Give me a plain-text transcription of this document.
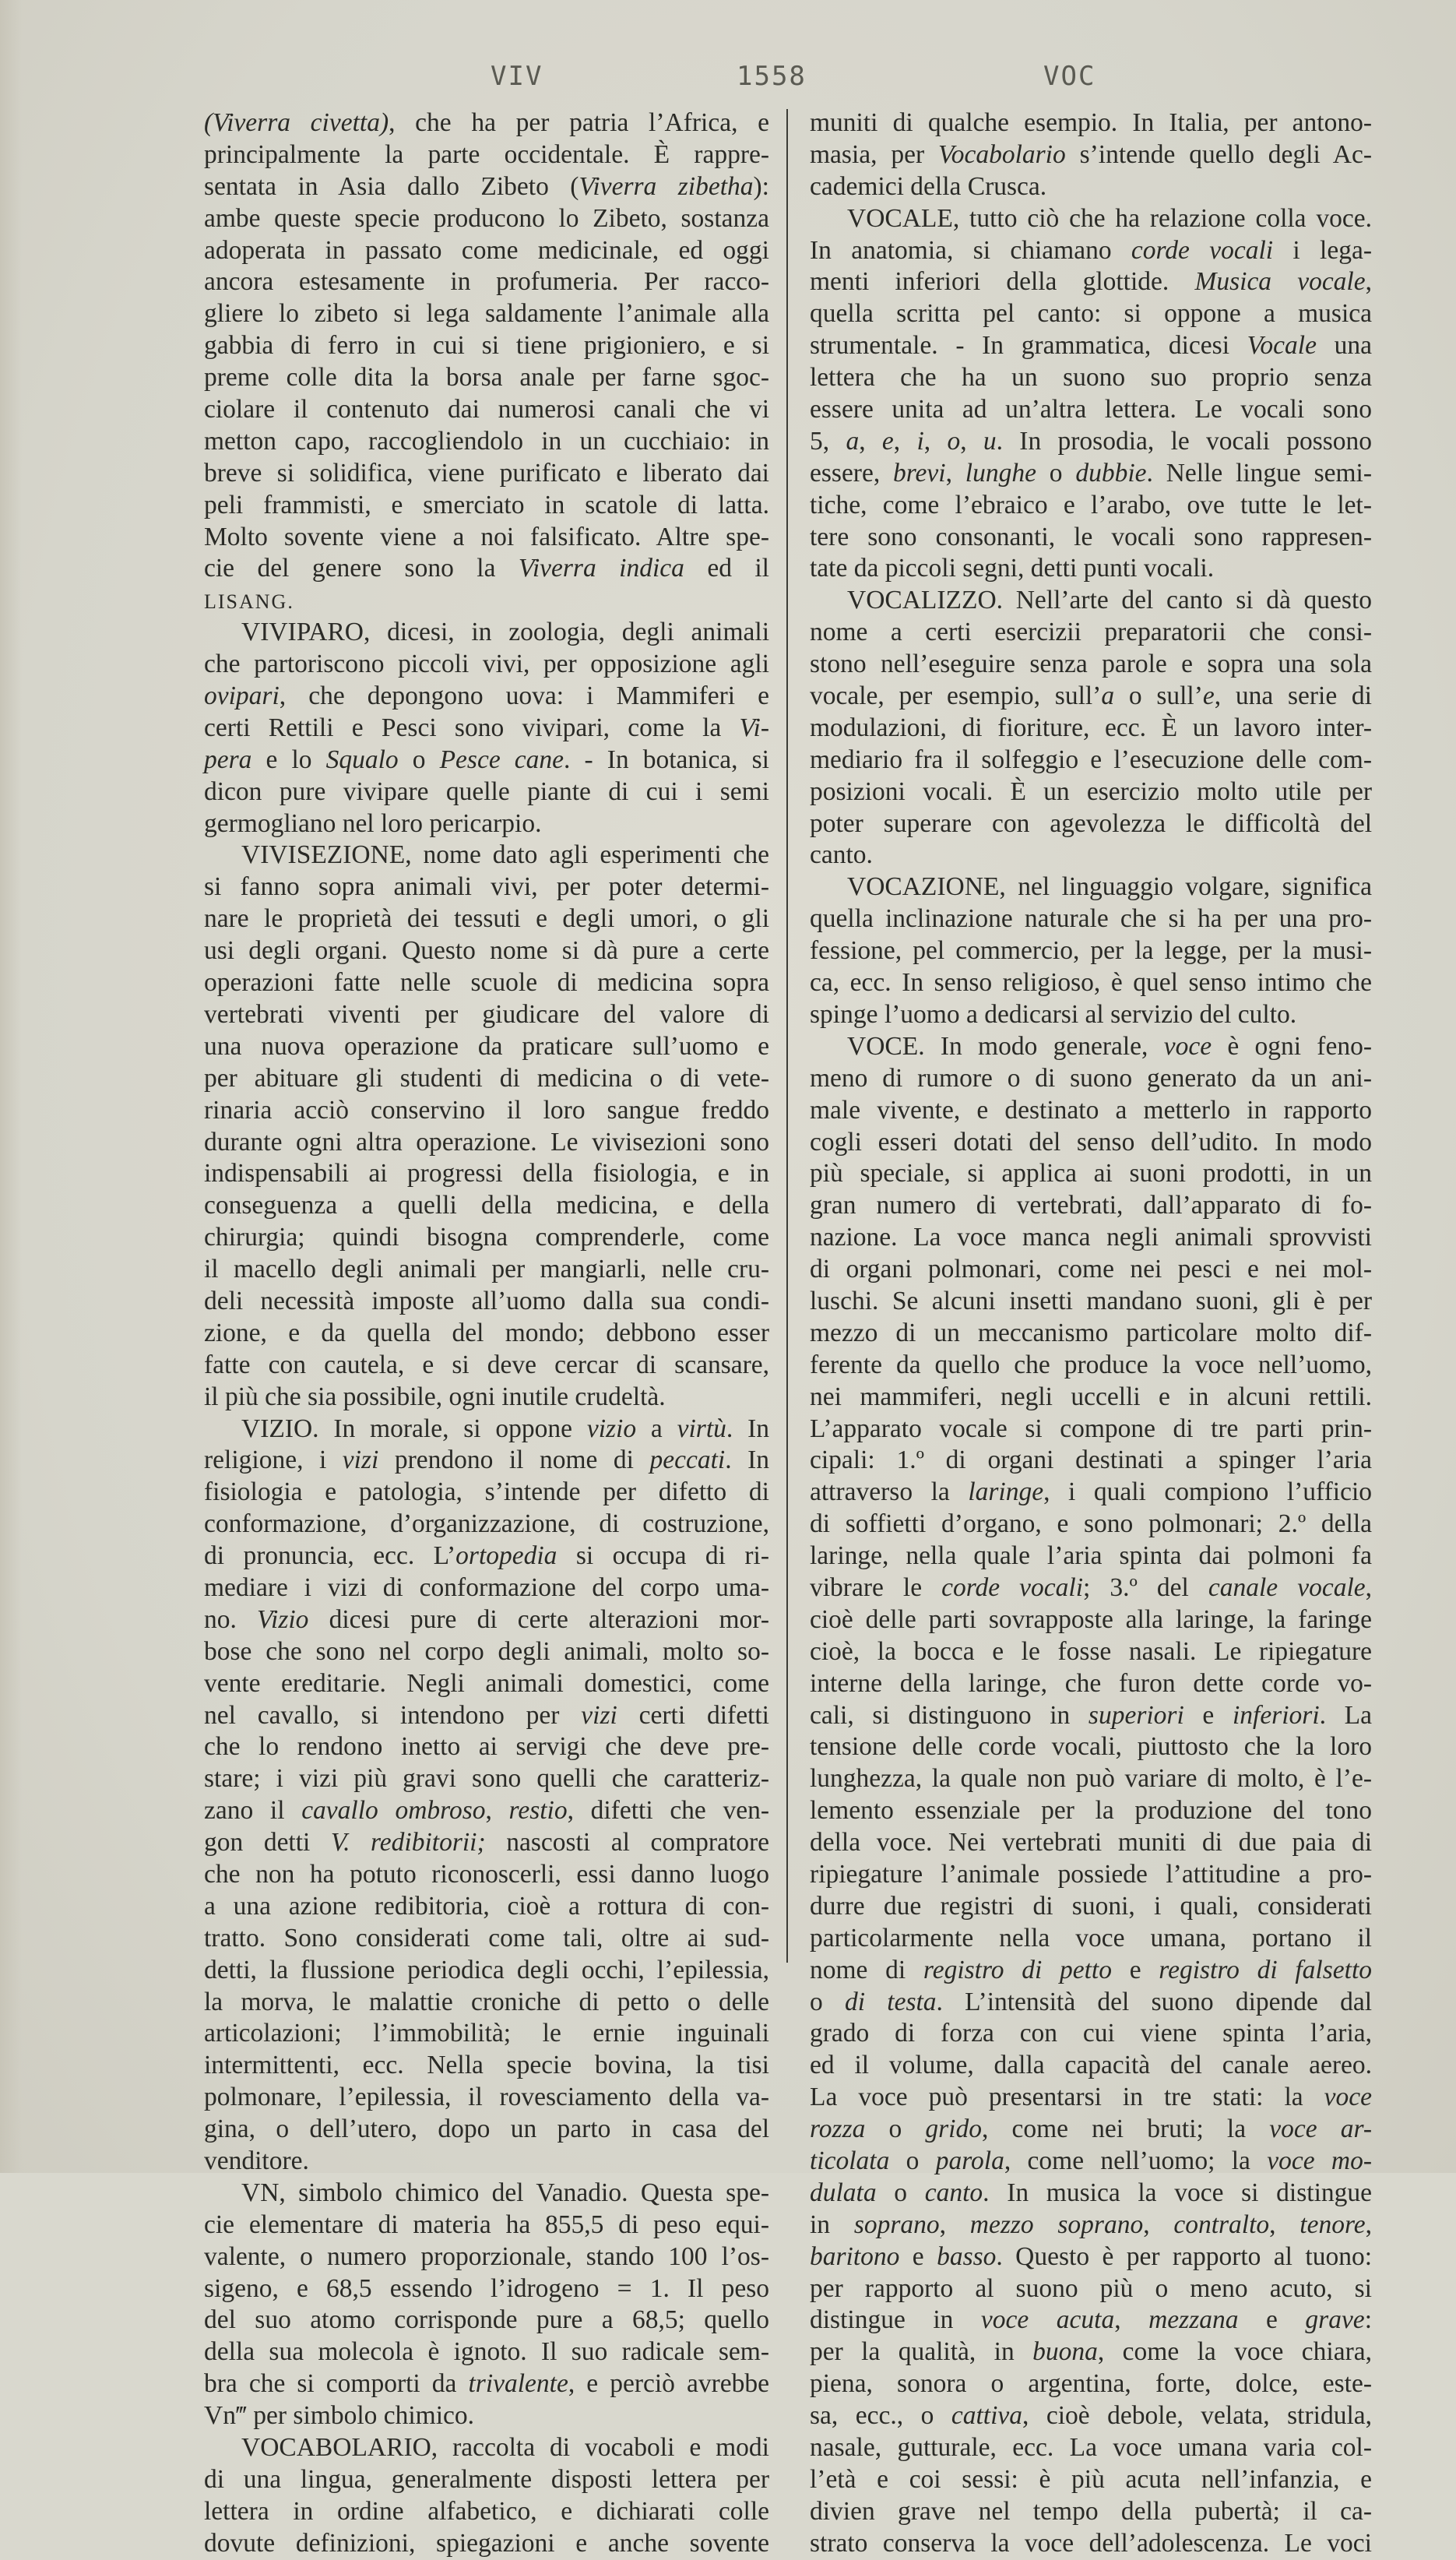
VIV	1558	VOC
(Viverra civetta), che ha per patria l’Africa, e
principalmente la parte occidentale. È rappre-
sentata in Asia dallo Zibeto (Viverra zibetha):
ambe queste specie producono lo Zibeto, sostanza
adoperata in passato come medicinale, ed oggi
ancora estesamente in profumeria. Per racco-
gliere lo zibeto si lega saldamente l’animale alla
gabbia di ferro in cui si tiene prigioniero, e si
preme colle dita la borsa anale per farne sgoc-
ciolare il contenuto dai numerosi canali che vi
metton capo, raccogliendolo in un cucchiaio: in
breve si solidifica, viene purificato e liberato dai
peli frammisti, e smerciato in scatole di latta.
Molto sovente viene a noi falsificato. Altre spe-
cie del genere sono la Viverra indica ed il
LISANG.
VIVIPARO, dicesi, in zoologia, degli animali
che partoriscono piccoli vivi, per opposizione agli
ovipari, che depongono uova: i Mammiferi e
certi Rettili e Pesci sono vivipari, come la Vi-
pera e lo Squalo o Pesce cane. - In botanica, si
dicon pure vivipare quelle piante di cui i semi
germogliano nel loro pericarpio.
VIVISEZIONE, nome dato agli esperimenti che
si fanno sopra animali vivi, per poter determi-
nare le proprietà dei tessuti e degli umori, o gli
usi degli organi. Questo nome si dà pure a certe
operazioni fatte nelle scuole di medicina sopra
vertebrati viventi per giudicare del valore di
una nuova operazione da praticare sull’uomo e
per abituare gli studenti di medicina o di vete-
rinaria acciò conservino il loro sangue freddo
durante ogni altra operazione. Le vivisezioni sono
indispensabili ai progressi della fisiologia, e in
conseguenza a quelli della medicina, e della
chirurgia; quindi bisogna comprenderle, come
il macello degli animali per mangiarli, nelle cru-
deli necessità imposte all’uomo dalla sua condi-
zione, e da quella del mondo; debbono esser
fatte con cautela, e si deve cercar di scansare,
il più che sia possibile, ogni inutile crudeltà.
VIZIO. In morale, si oppone vizio a virtù. In
religione, i vizi prendono il nome di peccati. In
fisiologia e patologia, s’intende per difetto di
conformazione, d’organizzazione, di costruzione,
di pronuncia, ecc. L’ortopedia si occupa di ri-
mediare i vizi di conformazione del corpo uma-
no. Vizio dicesi pure di certe alterazioni mor-
bose che sono nel corpo degli animali, molto so-
vente ereditarie. Negli animali domestici, come
nel cavallo, si intendono per vizi certi difetti
che lo rendono inetto ai servigi che deve pre-
stare; i vizi più gravi sono quelli che caratteriz-
zano il cavallo ombroso, restio, difetti che ven-
gon detti V. redibitorii; nascosti al compratore
che non ha potuto riconoscerli, essi danno luogo
a una azione redibitoria, cioè a rottura di con-
tratto. Sono considerati come tali, oltre ai sud-
detti, la flussione periodica degli occhi, l’epilessia,
la morva, le malattie croniche di petto o delle
articolazioni; l’immobilità; le ernie inguinali
intermittenti, ecc. Nella specie bovina, la tisi
polmonare, l’epilessia, il rovesciamento della va-
gina, o dell’utero, dopo un parto in casa del
venditore.
VN, simbolo chimico del Vanadio. Questa spe-
cie elementare di materia ha 855,5 di peso equi-
valente, o numero proporzionale, stando 100 l’os-
sigeno, e 68,5 essendo l’idrogeno = 1. Il peso
del suo atomo corrisponde pure a 68,5; quello
della sua molecola è ignoto. Il suo radicale sem-
bra che si comporti da trivalente, e perciò avrebbe
Vn‴ per simbolo chimico.
VOCABOLARIO, raccolta di vocaboli e modi
di una lingua, generalmente disposti lettera per
lettera in ordine alfabetico, e dichiarati colle
dovute definizioni, spiegazioni e anche sovente
muniti di qualche esempio. In Italia, per antono-
masia, per Vocabolario s’intende quello degli Ac-
cademici della Crusca.
VOCALE, tutto ciò che ha relazione colla voce.
In anatomia, si chiamano corde vocali i lega-
menti inferiori della glottide. Musica vocale,
quella scritta pel canto: si oppone a musica
strumentale. - In grammatica, dicesi Vocale una
lettera che ha un suono suo proprio senza
essere unita ad un’altra lettera. Le vocali sono
5, a, e, i, o, u. In prosodia, le vocali possono
essere, brevi, lunghe o dubbie. Nelle lingue semi-
tiche, come l’ebraico e l’arabo, ove tutte le let-
tere sono consonanti, le vocali sono rappresen-
tate da piccoli segni, detti punti vocali.
VOCALIZZO. Nell’arte del canto si dà questo
nome a certi esercizii preparatorii che consi-
stono nell’eseguire senza parole e sopra una sola
vocale, per esempio, sull’a o sull’e, una serie di
modulazioni, di fioriture, ecc. È un lavoro inter-
mediario fra il solfeggio e l’esecuzione delle com-
posizioni vocali. È un esercizio molto utile per
poter superare con agevolezza le difficoltà del
canto.
VOCAZIONE, nel linguaggio volgare, significa
quella inclinazione naturale che si ha per una pro-
fessione, pel commercio, per la legge, per la musi-
ca, ecc. In senso religioso, è quel senso intimo che
spinge l’uomo a dedicarsi al servizio del culto.
VOCE. In modo generale, voce è ogni feno-
meno di rumore o di suono generato da un ani-
male vivente, e destinato a metterlo in rapporto
cogli esseri dotati del senso dell’udito. In modo
più speciale, si applica ai suoni prodotti, in un
gran numero di vertebrati, dall’apparato di fo-
nazione. La voce manca negli animali sprovvisti
di organi polmonari, come nei pesci e nei mol-
luschi. Se alcuni insetti mandano suoni, gli è per
mezzo di un meccanismo particolare molto dif-
ferente da quello che produce la voce nell’uomo,
nei mammiferi, negli uccelli e in alcuni rettili.
L’apparato vocale si compone di tre parti prin-
cipali: 1.º di organi destinati a spinger l’aria
attraverso la laringe, i quali compiono l’ufficio
di soffietti d’organo, e sono polmonari; 2.º della
laringe, nella quale l’aria spinta dai polmoni fa
vibrare le corde vocali; 3.º del canale vocale,
cioè delle parti sovrapposte alla laringe, la faringe
cioè, la bocca e le fosse nasali. Le ripiegature
interne della laringe, che furon dette corde vo-
cali, si distinguono in superiori e inferiori. La
tensione delle corde vocali, piuttosto che la loro
lunghezza, la quale non può variare di molto, è l’e-
lemento essenziale per la produzione del tono
della voce. Nei vertebrati muniti di due paia di
ripiegature l’animale possiede l’attitudine a pro-
durre due registri di suoni, i quali, considerati
particolarmente nella voce umana, portano il
nome di registro di petto e registro di falsetto
o di testa. L’intensità del suono dipende dal
grado di forza con cui viene spinta l’aria,
ed il volume, dalla capacità del canale aereo.
La voce può presentarsi in tre stati: la voce
rozza o grido, come nei bruti; la voce ar-
ticolata o parola, come nell’uomo; la voce mo-
dulata o canto. In musica la voce si distingue
in soprano, mezzo soprano, contralto, tenore,
baritono e basso. Questo è per rapporto al tuono:
per rapporto al suono più o meno acuto, si
distingue in voce acuta, mezzana e grave:
per la qualità, in buona, come la voce chiara,
piena, sonora o argentina, forte, dolce, este-
sa, ecc., o cattiva, cioè debole, velata, stridula,
nasale, gutturale, ecc. La voce umana varia col-
l’età e coi sessi: è più acuta nell’infanzia, e
divien grave nel tempo della pubertà; il ca-
strato conserva la voce dell’adolescenza. Le voci
